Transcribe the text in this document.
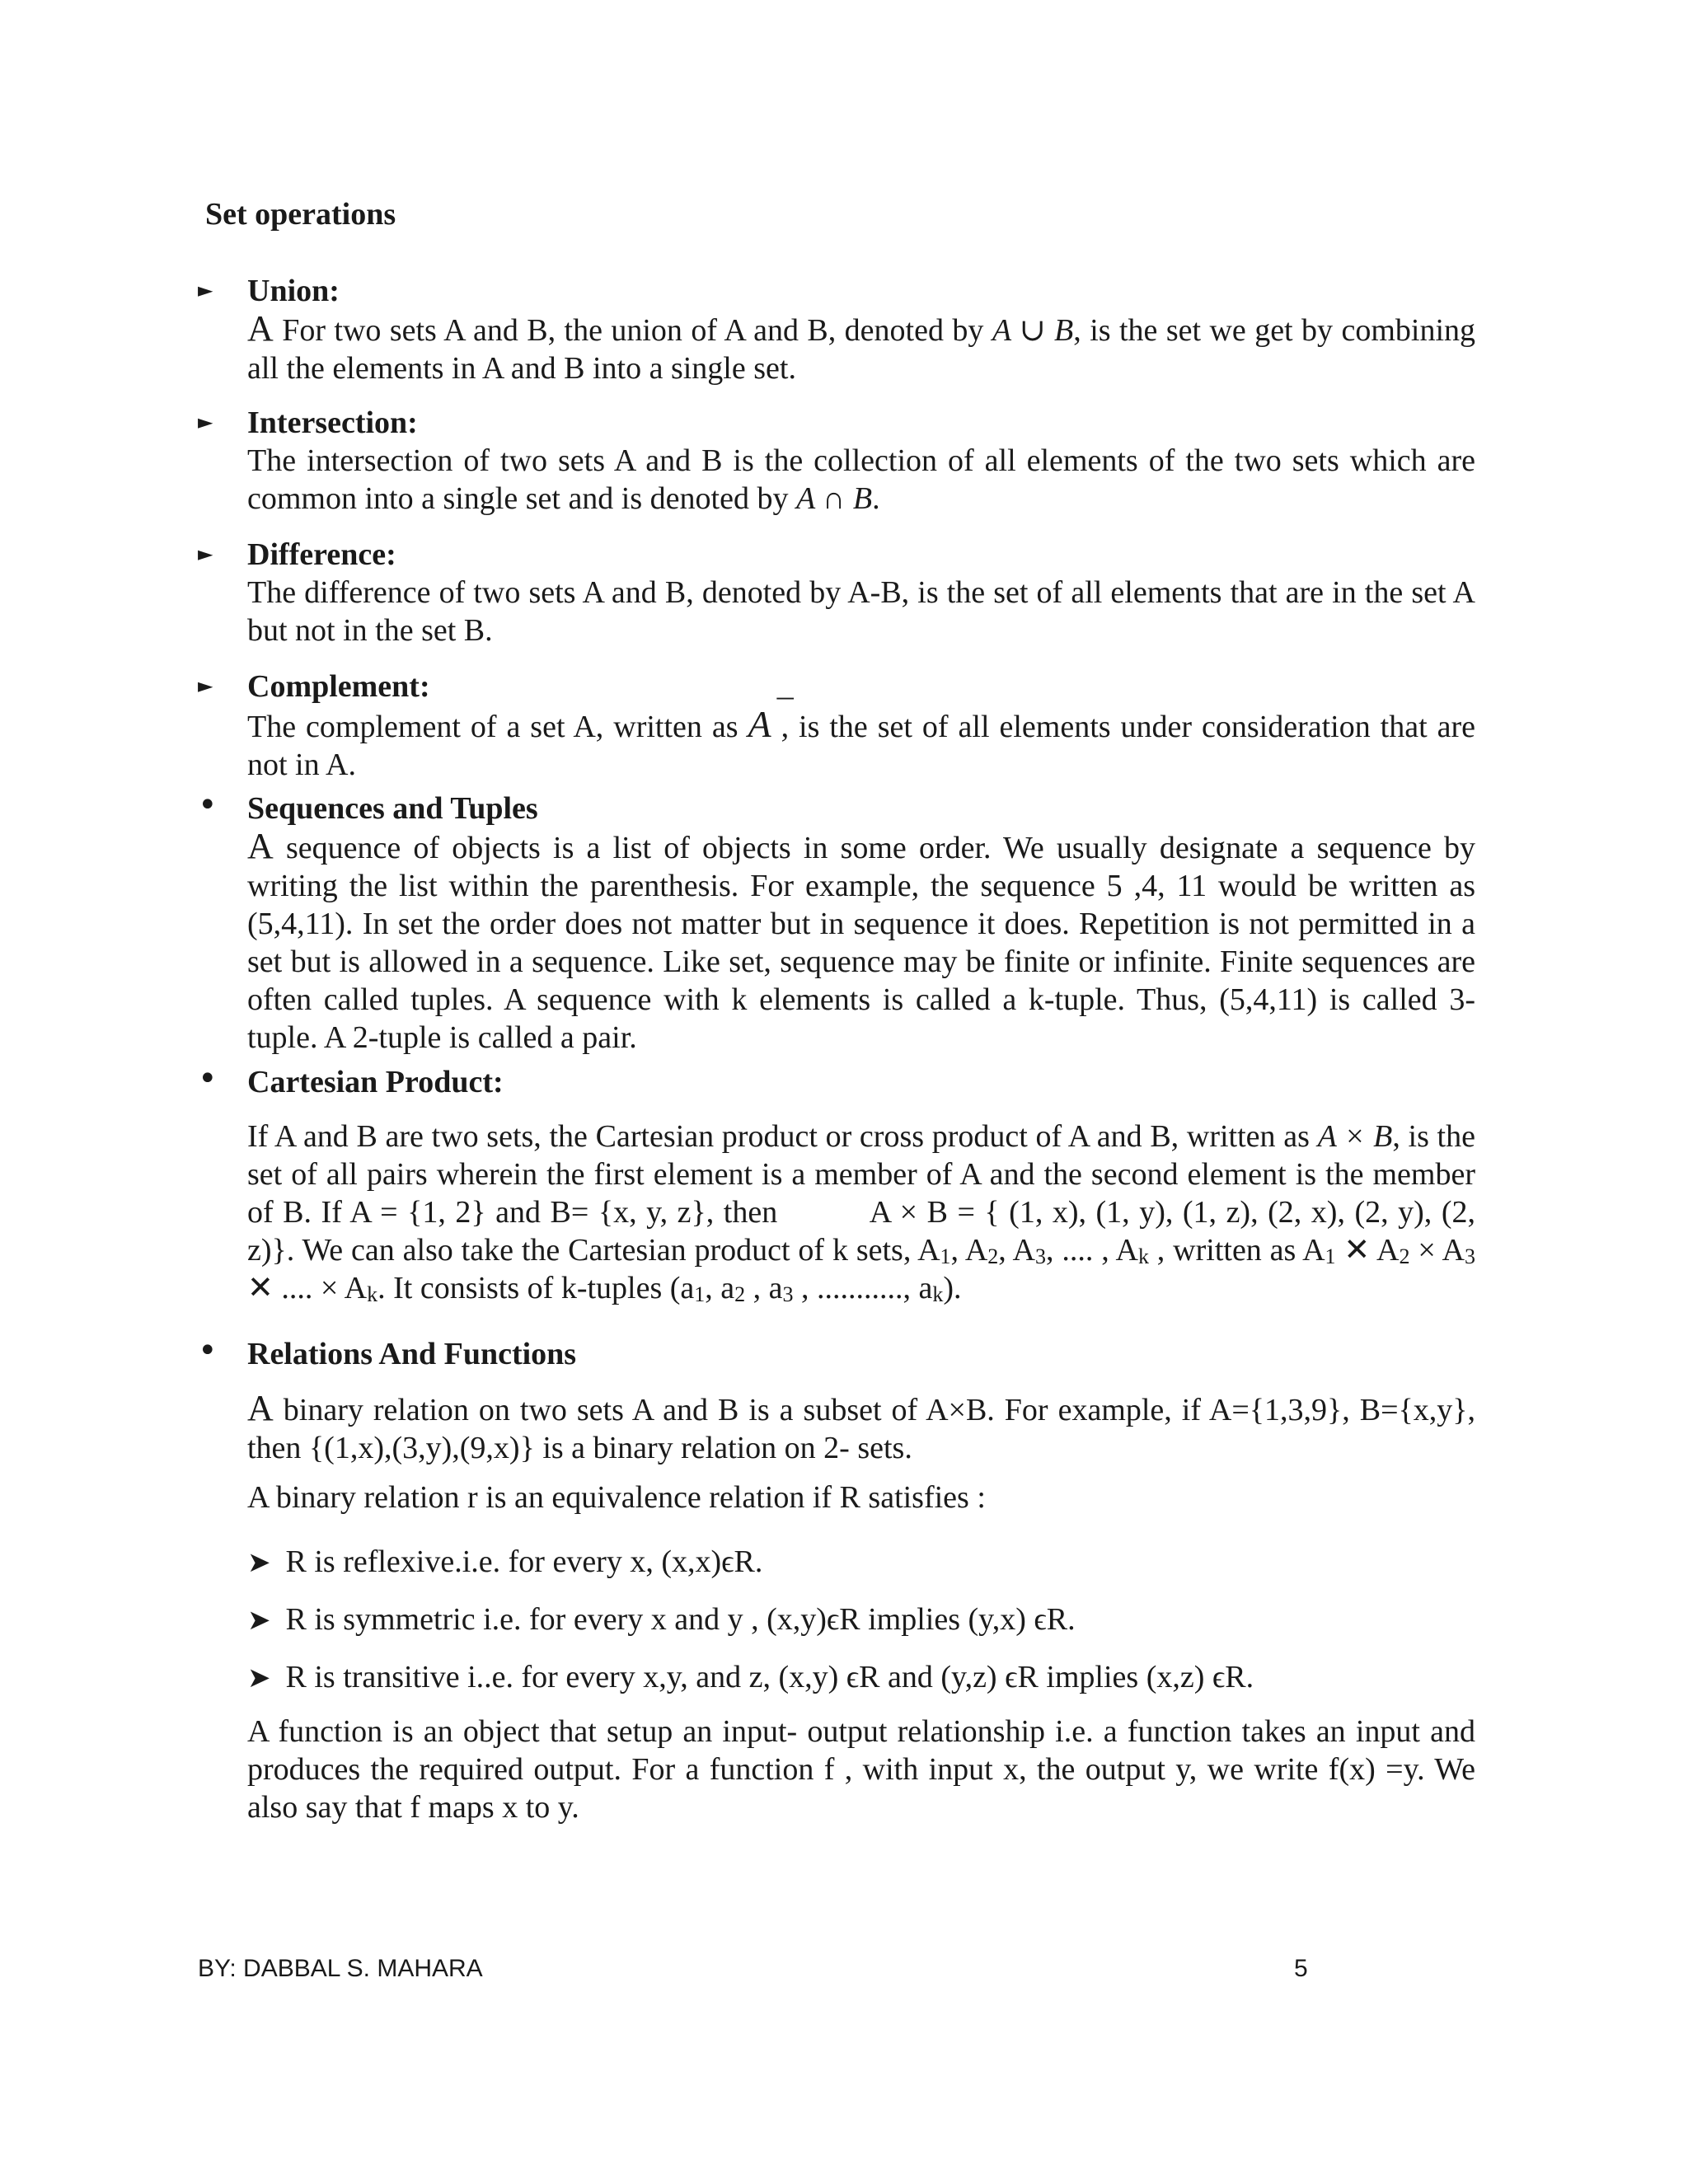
Set operations
► Union:
A For two sets A and B, the union of A and B, denoted by A ∪ B, is the set we get by combining all the elements in A and B into a single set.
► Intersection:
The intersection of two sets A and B is the collection of all elements of the two sets which are common into a single set and is denoted by A ∩ B.
► Difference:
The difference of two sets A and B, denoted by A-B, is the set of all elements that are in the set A but not in the set B.
► Complement:
The complement of a set A, written as A ¯ , is the set of all elements under consideration that are not in A.
• Sequences and Tuples
A sequence of objects is a list of objects in some order. We usually designate a sequence by writing the list within the parenthesis. For example, the sequence 5 ,4, 11 would be written as (5,4,11). In set the order does not matter but in sequence it does. Repetition is not permitted in a set but is allowed in a sequence. Like set, sequence may be finite or infinite. Finite sequences are often called tuples. A sequence with k elements is called a k-tuple. Thus, (5,4,11) is called 3-tuple. A 2-tuple is called a pair.
• Cartesian Product:
If A and B are two sets, the Cartesian product or cross product of A and B, written as A × B, is the set of all pairs wherein the first element is a member of A and the second element is the member of B. If A = {1, 2} and B= {x, y, z}, then	A × B = { (1, x), (1, y), (1, z), (2, x), (2, y), (2, z)}. We can also take the Cartesian product of k sets, $A_1$, $A_2$, $A_3$, .... , $A_k$ , written as $A_1$ ✕ $A_2 \times A_3$ ✕ .... × $A_k$. It consists of k-tuples ($a_1$, $a_2$ , $a_3$ , ..........., $a_k$).
• Relations And Functions
A binary relation on two sets A and B is a subset of A×B. For example, if A={1,3,9}, B={x,y}, then {(1,x),(3,y),(9,x)} is a binary relation on 2- sets.
A binary relation r is an equivalence relation if R satisfies :
➤ R is reflexive.i.e. for every x, (x,x)ϵR.
➤ R is symmetric i.e. for every x and y , (x,y)ϵR implies (y,x) ϵR.
➤ R is transitive i..e. for every x,y, and z, (x,y) ϵR and (y,z) ϵR implies (x,z) ϵR.
A function is an object that setup an input- output relationship i.e. a function takes an input and produces the required output. For a function f , with input x, the output y, we write f(x) =y. We also say that f maps x to y.
BY: DABBAL S. MAHARA	5
